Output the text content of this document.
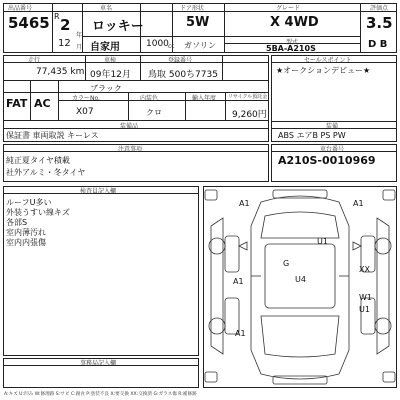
出品番号
5465 R 2
年
12 月
車名
ロッキー
自家用
ドア形状
5W
1000 cc ガソリン
グレード
X 4WD
型式
5BA-A210S
評価点
3.5
D B
走行
77,435 km
車検
09年12月
登録番号
鳥取 500ち7735
FAT AC
ブラック
カラーNo.
X07
内装色
クロ
輸入年度 リサイクル預託金
9,260円
装備品
保証書 車両取説 キーレス
セールスポイント
★オークションデビュー★
装備
ABS エアB PS PW
注意事項
純正夏タイヤ積載
社外アルミ・冬タイヤ
車台番号
A210S-0010969
検査員記入欄
ルーフU多い
外装うすい線キズ
各部S
室内薄汚れ
室内内張傷
事務局記入欄
A1	A1
G
U1
U4
A1
XX
W1
U1
A1
A:キズ U:凹み W:修理跡 S:サビ C:腐食 P:塗装不良 X:要交換 XX:交換済 G:ガラス傷 R:補修跡
